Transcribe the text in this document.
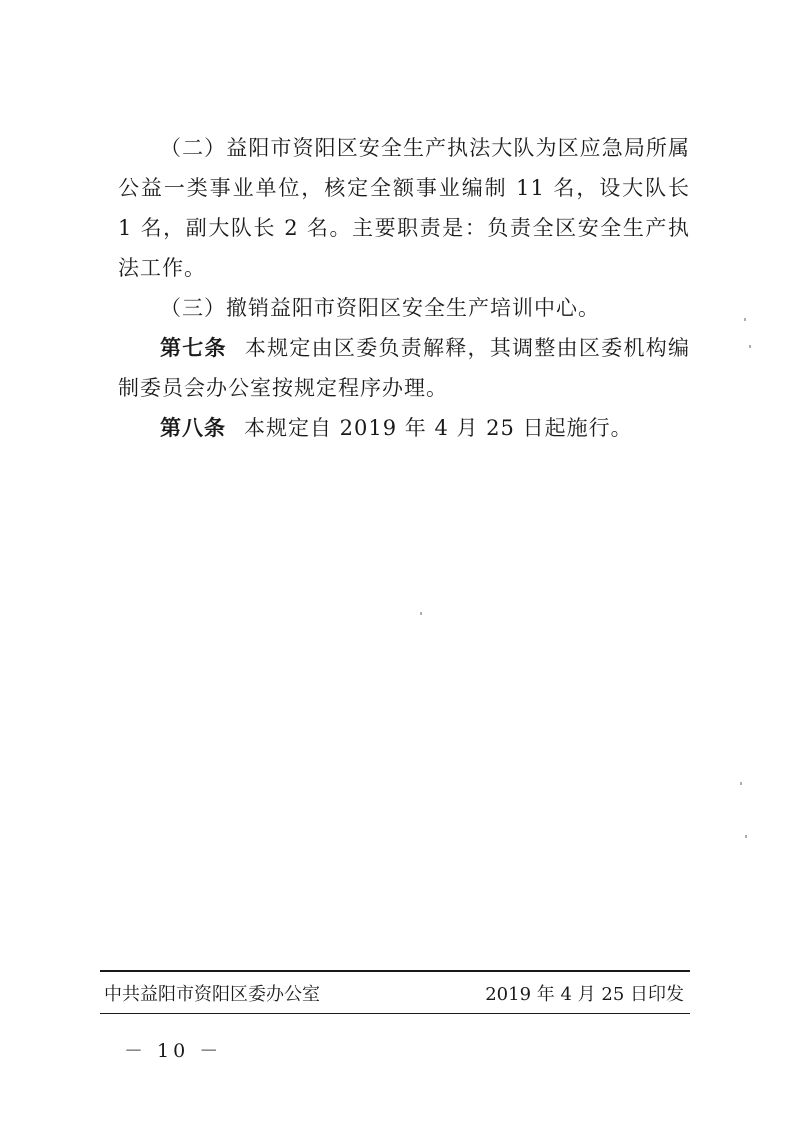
（二）益阳市资阳区安全生产执法大队为区应急局所属公益一类事业单位，核定全额事业编制 11 名，设大队长 1 名，副大队长 2 名。主要职责是：负责全区安全生产执法工作。

（三）撤销益阳市资阳区安全生产培训中心。

第七条 本规定由区委负责解释，其调整由区委机构编制委员会办公室按规定程序办理。

第八条 本规定自 2019 年 4 月 25 日起施行。

中共益阳市资阳区委办公室	2019 年 4 月 25 日印发
－ 10 －
